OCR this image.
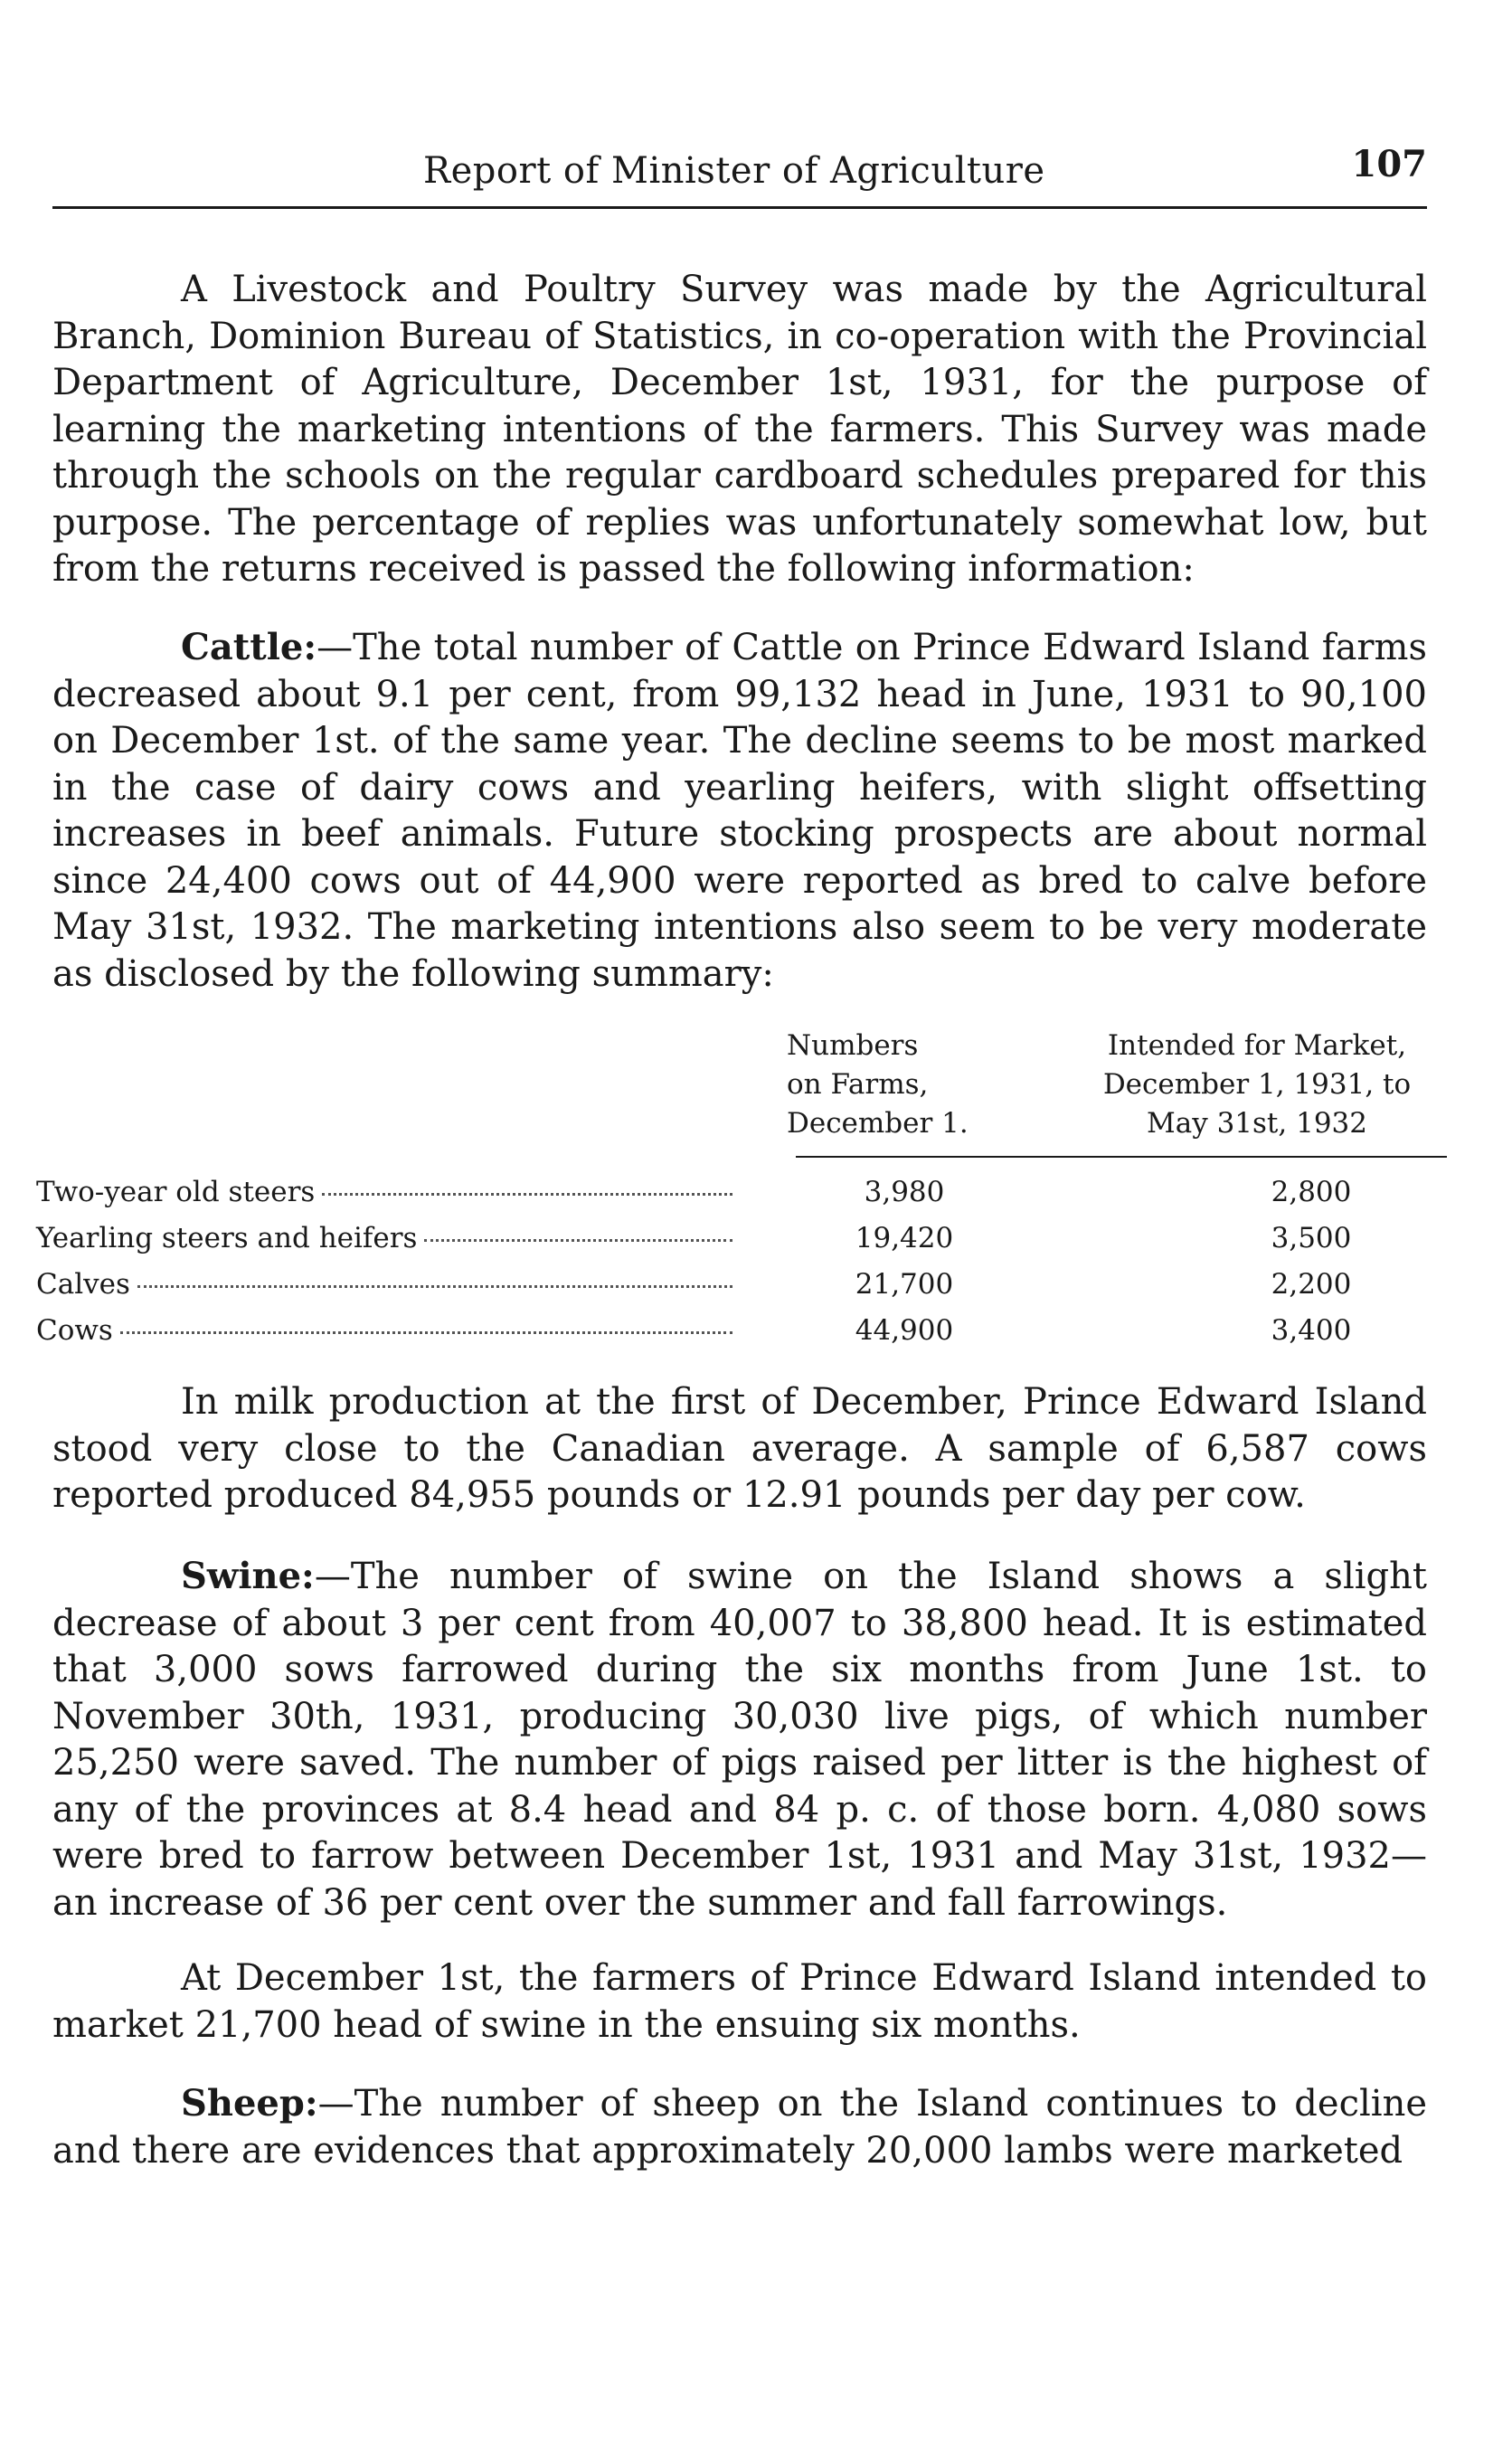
Report of Minister of Agriculture	107

A Livestock and Poultry Survey was made by the Agricultural Branch, Dominion Bureau of Statistics, in co-operation with the Provincial Department of Agriculture, December 1st, 1931, for the purpose of learning the marketing intentions of the farmers. This Survey was made through the schools on the regular cardboard schedules prepared for this purpose. The percentage of replies was unfortunately somewhat low, but from the returns received is passed the following information:

Cattle:—The total number of Cattle on Prince Edward Island farms decreased about 9.1 per cent, from 99,132 head in June, 1931 to 90,100 on December 1st. of the same year. The decline seems to be most marked in the case of dairy cows and yearling heifers, with slight offsetting increases in beef animals. Future stocking prospects are about normal since 24,400 cows out of 44,900 were reported as bred to calve before May 31st, 1932. The marketing intentions also seem to be very moderate as disclosed by the following summary:

Numbers
on Farms,
December 1.
Intended for Market,
December 1, 1931, to
May 31st, 1932
Two-year old steers	3,980	2,800
Yearling steers and heifers	19,420	3,500
Calves	21,700	2,200
Cows	44,900	3,400

In milk production at the first of December, Prince Edward Island stood very close to the Canadian average. A sample of 6,587 cows reported produced 84,955 pounds or 12.91 pounds per day per cow.

Swine:—The number of swine on the Island shows a slight decrease of about 3 per cent from 40,007 to 38,800 head. It is estimated that 3,000 sows farrowed during the six months from June 1st. to November 30th, 1931, producing 30,030 live pigs, of which number 25,250 were saved. The number of pigs raised per litter is the highest of any of the provinces at 8.4 head and 84 p. c. of those born. 4,080 sows were bred to farrow between December 1st, 1931 and May 31st, 1932—an increase of 36 per cent over the summer and fall farrowings.

At December 1st, the farmers of Prince Edward Island intended to market 21,700 head of swine in the ensuing six months.

Sheep:—The number of sheep on the Island continues to decline and there are evidences that approximately 20,000 lambs were marketed
